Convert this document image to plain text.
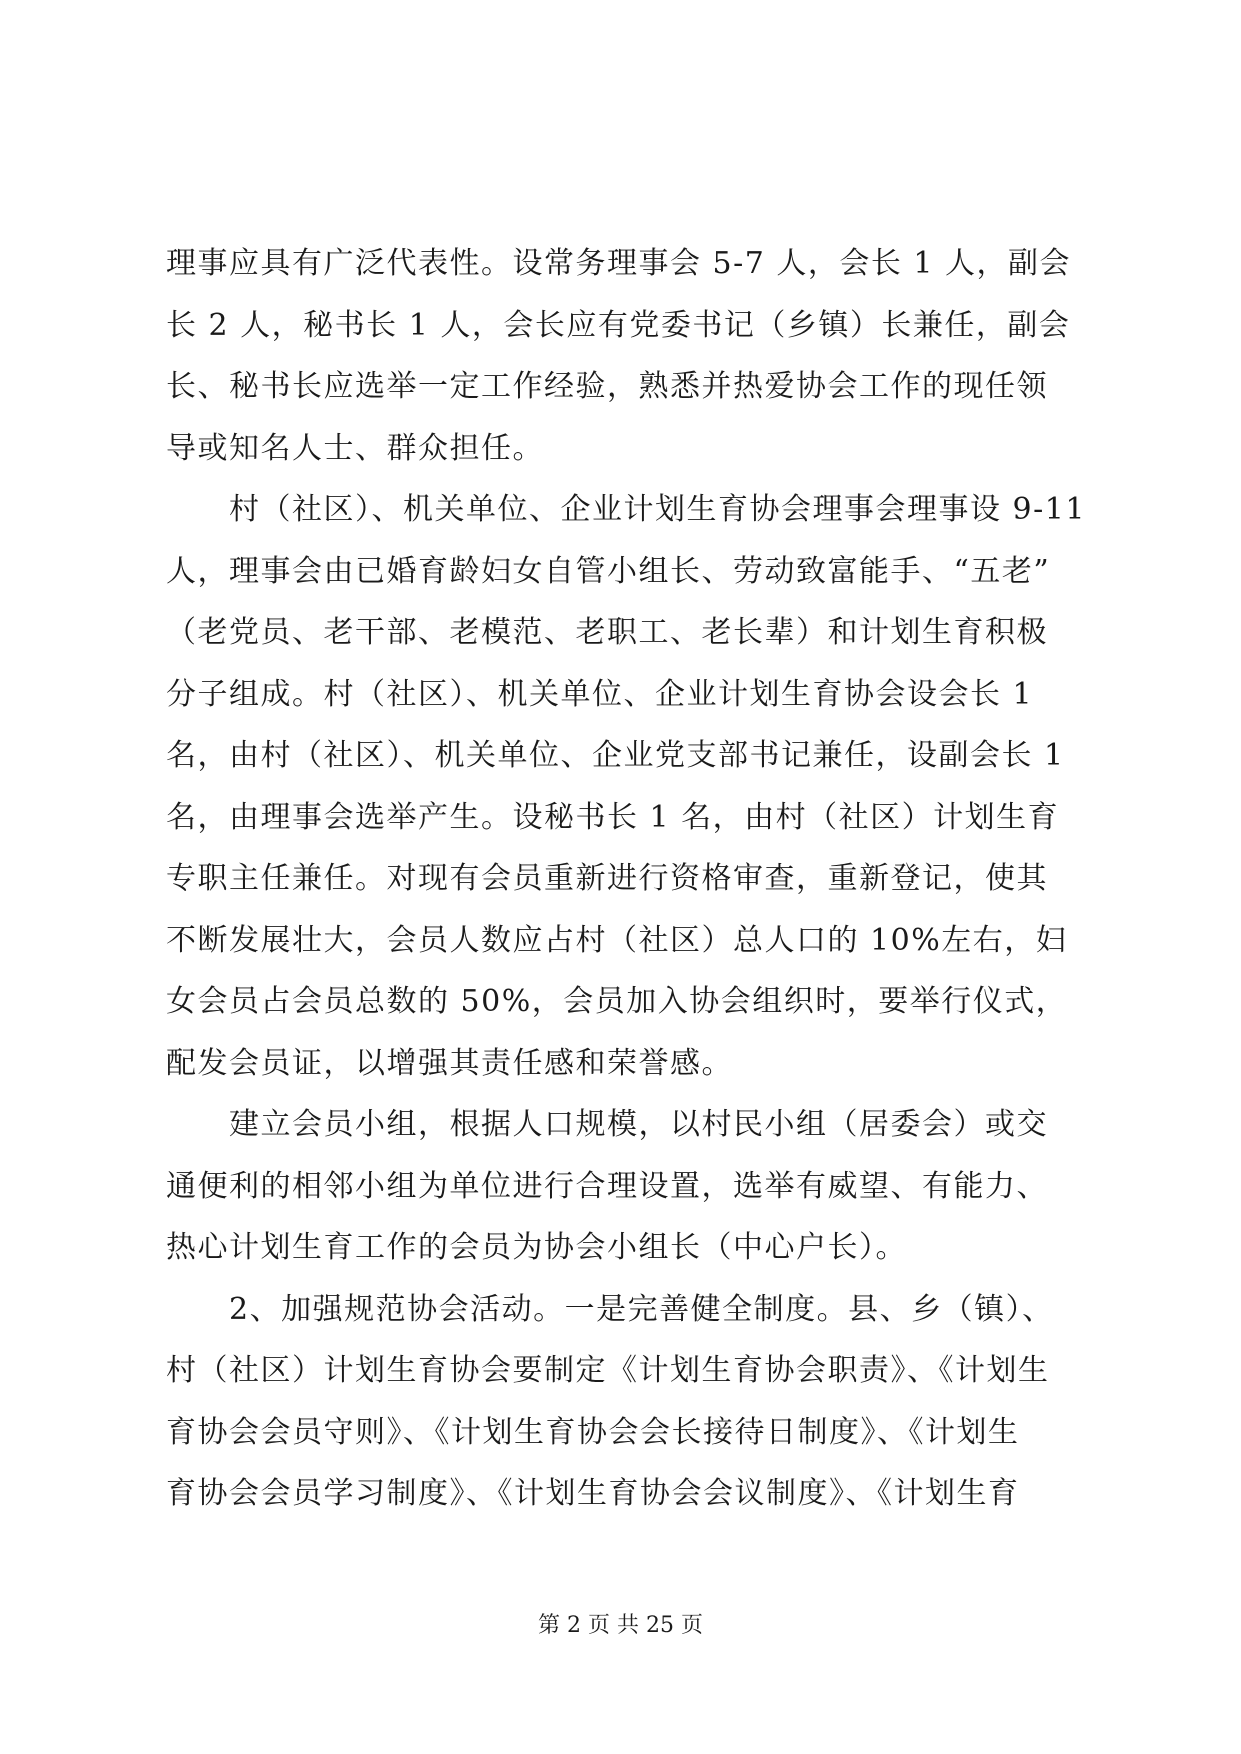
理事应具有广泛代表性。设常务理事会 5-7 人，会长 1 人，副会
长 2 人，秘书长 1 人，会长应有党委书记（乡镇）长兼任，副会
长、秘书长应选举一定工作经验，熟悉并热爱协会工作的现任领
导或知名人士、群众担任。
　　村（社区）、机关单位、企业计划生育协会理事会理事设 9-11
人，理事会由已婚育龄妇女自管小组长、劳动致富能手、“五老”
（老党员、老干部、老模范、老职工、老长辈）和计划生育积极
分子组成。村（社区）、机关单位、企业计划生育协会设会长 1
名，由村（社区）、机关单位、企业党支部书记兼任，设副会长 1
名，由理事会选举产生。设秘书长 1 名，由村（社区）计划生育
专职主任兼任。对现有会员重新进行资格审查，重新登记，使其
不断发展壮大，会员人数应占村（社区）总人口的 10%左右，妇
女会员占会员总数的 50%，会员加入协会组织时，要举行仪式，
配发会员证，以增强其责任感和荣誉感。
　　建立会员小组，根据人口规模，以村民小组（居委会）或交
通便利的相邻小组为单位进行合理设置，选举有威望、有能力、
热心计划生育工作的会员为协会小组长（中心户长）。
　　2、加强规范协会活动。一是完善健全制度。县、乡（镇）、
村（社区）计划生育协会要制定《计划生育协会职责》、《计划生
育协会会员守则》、《计划生育协会会长接待日制度》、《计划生
育协会会员学习制度》、《计划生育协会会议制度》、《计划生育
第 2 页 共 25 页
